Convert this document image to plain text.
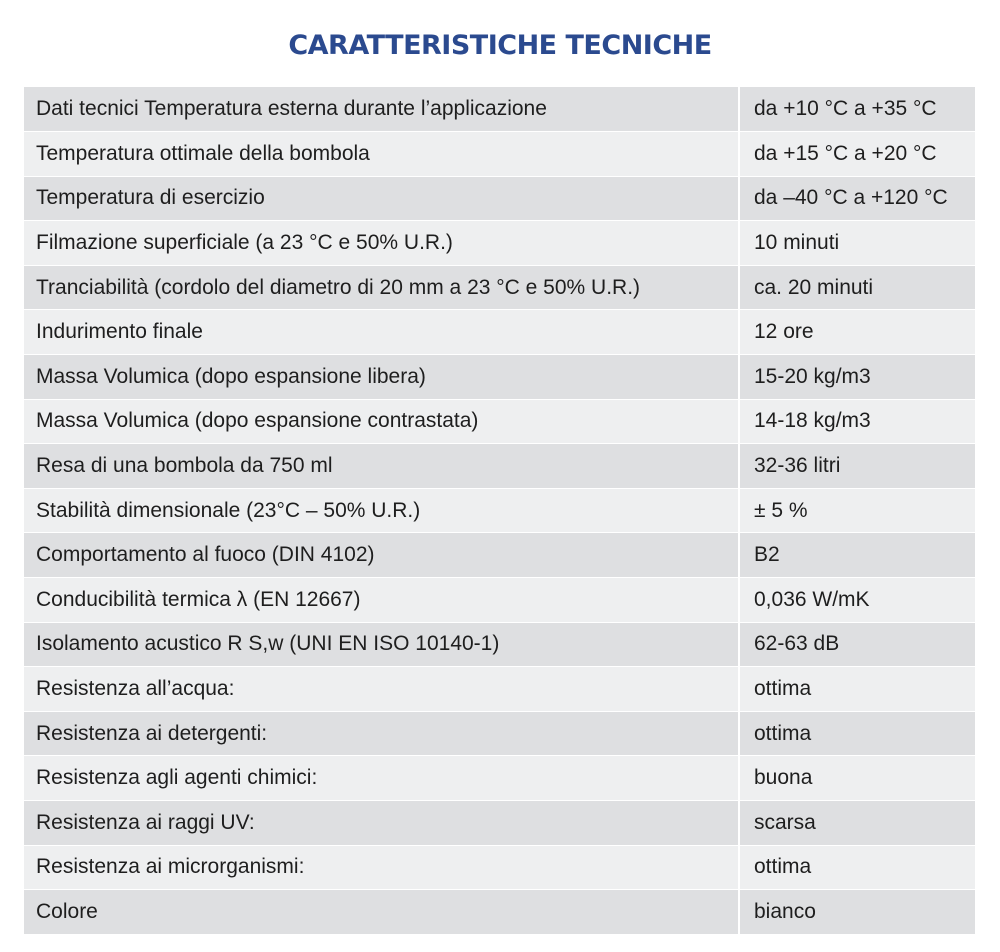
CARATTERISTICHE TECNICHE
Dati tecnici Temperatura esterna durante l’applicazione	da +10 °C a +35 °C
Temperatura ottimale della bombola	da +15 °C a +20 °C
Temperatura di esercizio	da –40 °C a +120 °C
Filmazione superficiale (a 23 °C e 50% U.R.)	10 minuti
Tranciabilità (cordolo del diametro di 20 mm a 23 °C e 50% U.R.)	ca. 20 minuti
Indurimento finale	12 ore
Massa Volumica (dopo espansione libera)	15-20 kg/m3
Massa Volumica (dopo espansione contrastata)	14-18 kg/m3
Resa di una bombola da 750 ml	32-36 litri
Stabilità dimensionale (23°C – 50% U.R.)	± 5 %
Comportamento al fuoco (DIN 4102)	B2
Conducibilità termica λ (EN 12667)	0,036 W/mK
Isolamento acustico R S,w (UNI EN ISO 10140-1)	62-63 dB
Resistenza all’acqua:	ottima
Resistenza ai detergenti:	ottima
Resistenza agli agenti chimici:	buona
Resistenza ai raggi UV:	scarsa
Resistenza ai microrganismi:	ottima
Colore	bianco
